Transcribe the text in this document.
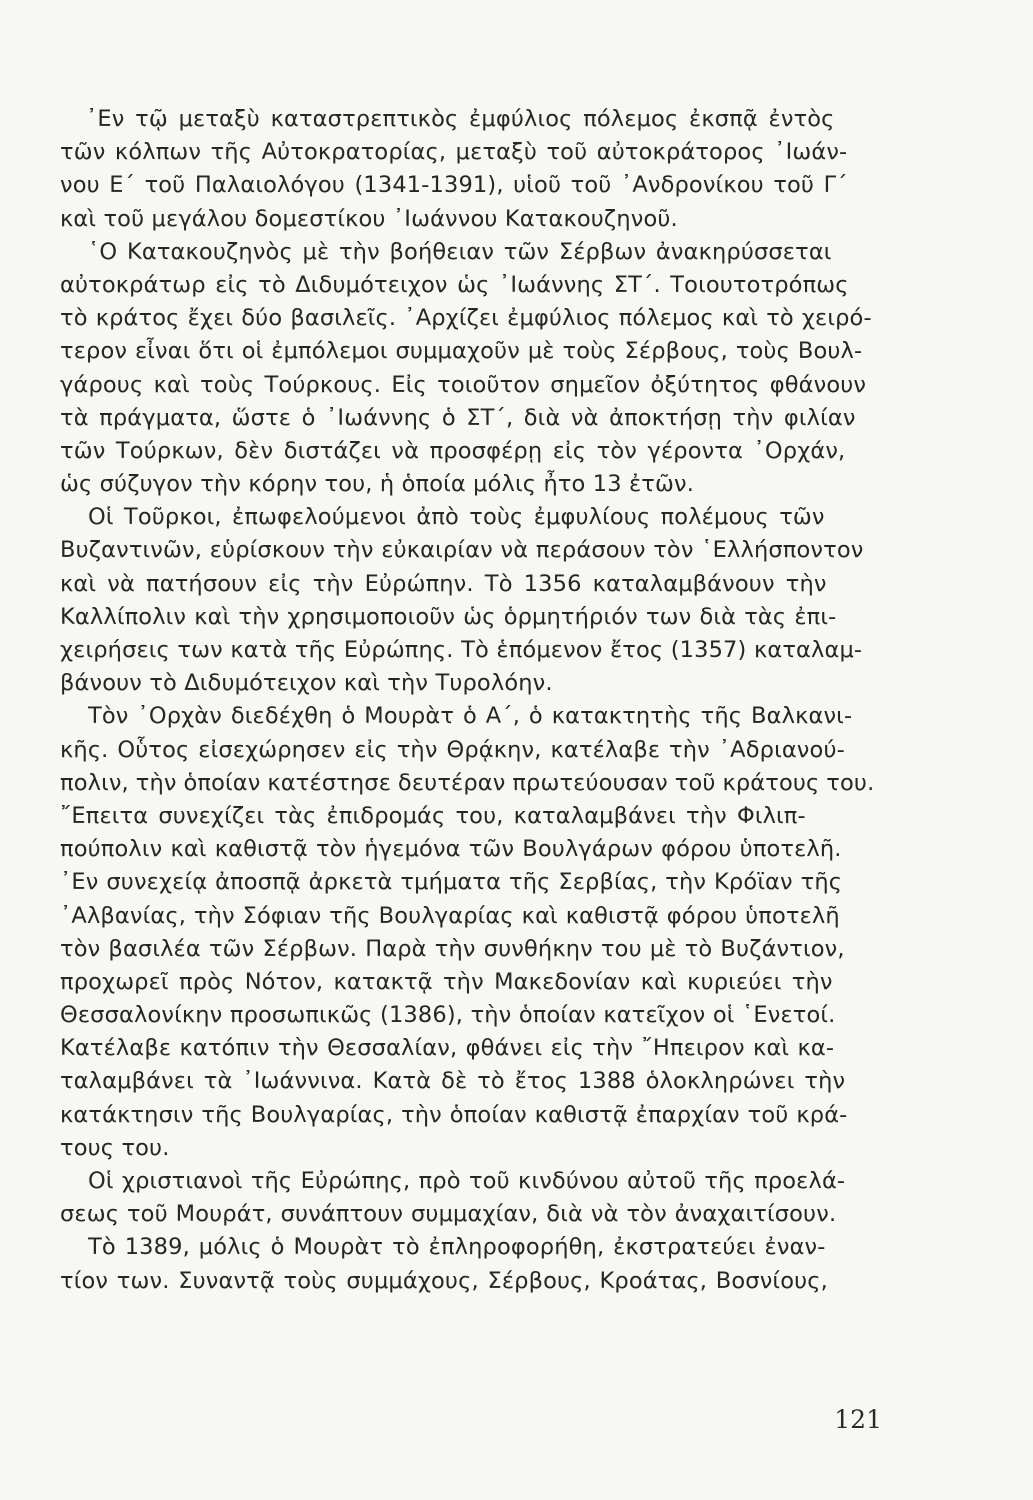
᾿Εν τῷ μεταξὺ καταστρεπτικὸς ἐμφύλιος πόλεμος ἐκσπᾷ ἐντὸς
τῶν κόλπων τῆς Αὐτοκρατορίας, μεταξὺ τοῦ αὐτοκράτορος ᾿Ιωάν-
νου Ε΄ τοῦ Παλαιολόγου (1341-1391), υἱοῦ τοῦ ᾿Ανδρονίκου τοῦ Γ΄
καὶ τοῦ μεγάλου δομεστίκου ᾿Ιωάννου Κατακουζηνοῦ.
῾Ο Κατακουζηνὸς μὲ τὴν βοήθειαν τῶν Σέρβων ἀνακηρύσσεται
αὐτοκράτωρ εἰς τὸ Διδυμότειχον ὡς ᾿Ιωάννης ΣΤ΄. Τοιουτοτρόπως
τὸ κράτος ἔχει δύο βασιλεῖς. ᾿Αρχίζει ἐμφύλιος πόλεμος καὶ τὸ χειρό-
τερον εἶναι ὅτι οἱ ἐμπόλεμοι συμμαχοῦν μὲ τοὺς Σέρβους, τοὺς Βουλ-
γάρους καὶ τοὺς Τούρκους. Εἰς τοιοῦτον σημεῖον ὀξύτητος φθάνουν
τὰ πράγματα, ὥστε ὁ ᾿Ιωάννης ὁ ΣΤ΄, διὰ νὰ ἀποκτήσῃ τὴν φιλίαν
τῶν Τούρκων, δὲν διστάζει νὰ προσφέρῃ εἰς τὸν γέροντα ᾿Ορχάν,
ὡς σύζυγον τὴν κόρην του, ἡ ὁποία μόλις ἦτο 13 ἐτῶν.
Οἱ Τοῦρκοι, ἐπωφελούμενοι ἀπὸ τοὺς ἐμφυλίους πολέμους τῶν
Βυζαντινῶν, εὑρίσκουν τὴν εὐκαιρίαν νὰ περάσουν τὸν ῾Ελλήσποντον
καὶ νὰ πατήσουν εἰς τὴν Εὐρώπην. Τὸ 1356 καταλαμβάνουν τὴν
Καλλίπολιν καὶ τὴν χρησιμοποιοῦν ὡς ὁρμητήριόν των διὰ τὰς ἐπι-
χειρήσεις των κατὰ τῆς Εὐρώπης. Τὸ ἑπόμενον ἔτος (1357) καταλαμ-
βάνουν τὸ Διδυμότειχον καὶ τὴν Τυρολόην.
Τὸν ᾿Ορχὰν διεδέχθη ὁ Μουρὰτ ὁ Α΄, ὁ κατακτητὴς τῆς Βαλκανι-
κῆς. Οὗτος εἰσεχώρησεν εἰς τὴν Θρᾴκην, κατέλαβε τὴν ᾿Αδριανού-
πολιν, τὴν ὁποίαν κατέστησε δευτέραν πρωτεύουσαν τοῦ κράτους του.
῎Επειτα συνεχίζει τὰς ἐπιδρομάς του, καταλαμβάνει τὴν Φιλιπ-
πούπολιν καὶ καθιστᾷ τὸν ἡγεμόνα τῶν Βουλγάρων φόρου ὑποτελῆ.
᾿Εν συνεχείᾳ ἀποσπᾷ ἀρκετὰ τμήματα τῆς Σερβίας, τὴν Κρόϊαν τῆς
᾿Αλβανίας, τὴν Σόφιαν τῆς Βουλγαρίας καὶ καθιστᾷ φόρου ὑποτελῆ
τὸν βασιλέα τῶν Σέρβων. Παρὰ τὴν συνθήκην του μὲ τὸ Βυζάντιον,
προχωρεῖ πρὸς Νότον, κατακτᾷ τὴν Μακεδονίαν καὶ κυριεύει τὴν
Θεσσαλονίκην προσωπικῶς (1386), τὴν ὁποίαν κατεῖχον οἱ ῾Ενετοί.
Κατέλαβε κατόπιν τὴν Θεσσαλίαν, φθάνει εἰς τὴν ῎Ηπειρον καὶ κα-
ταλαμβάνει τὰ ᾿Ιωάννινα. Κατὰ δὲ τὸ ἔτος 1388 ὁλοκληρώνει τὴν
κατάκτησιν τῆς Βουλγαρίας, τὴν ὁποίαν καθιστᾷ ἐπαρχίαν τοῦ κρά-
τους του.
Οἱ χριστιανοὶ τῆς Εὐρώπης, πρὸ τοῦ κινδύνου αὐτοῦ τῆς προελά-
σεως τοῦ Μουράτ, συνάπτουν συμμαχίαν, διὰ νὰ τὸν ἀναχαιτίσουν.
Τὸ 1389, μόλις ὁ Μουρὰτ τὸ ἐπληροφορήθη, ἐκστρατεύει ἐναν-
τίον των. Συναντᾷ τοὺς συμμάχους, Σέρβους, Κροάτας, Βοσνίους,
121
